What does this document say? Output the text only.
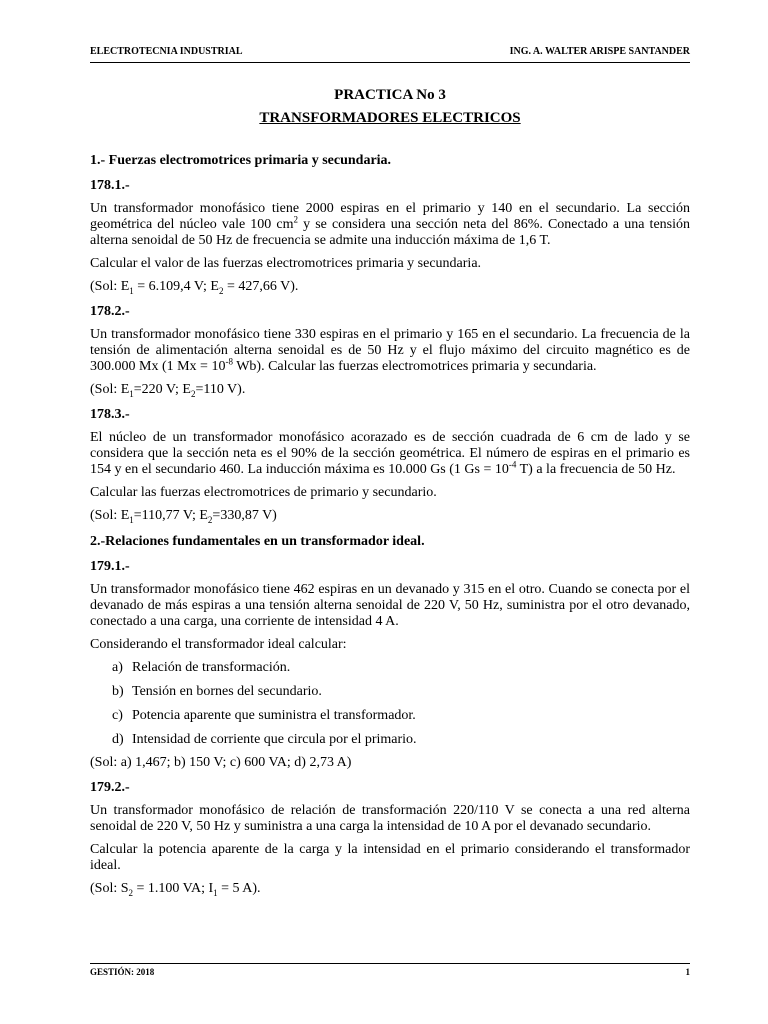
ELECTROTECNIA INDUSTRIAL	ING. A. WALTER ARISPE SANTANDER
PRACTICA No 3
TRANSFORMADORES ELECTRICOS
1.- Fuerzas electromotrices primaria y secundaria.
178.1.-

Un transformador monofásico tiene 2000 espiras en el primario y 140 en el secundario. La sección geométrica del núcleo vale 100 $cm^2$ y se considera una sección neta del 86%. Conectado a una tensión alterna senoidal de 50 Hz de frecuencia se admite una inducción máxima de 1,6 T.

Calcular el valor de las fuerzas electromotrices primaria y secundaria.

(Sol: $E_1 = 6.109,4$ V; $E_2 = 427,66$ V).

178.2.-

Un transformador monofásico tiene 330 espiras en el primario y 165 en el secundario. La frecuencia de la tensión de alimentación alterna senoidal es de 50 Hz y el flujo máximo del circuito magnético es de 300.000 Mx (1 $Mx = 10^{-8}$ Wb). Calcular las fuerzas electromotrices primaria y secundaria.

(Sol: $E_1=220$ V; $E_2=110$ V).

178.3.-

El núcleo de un transformador monofásico acorazado es de sección cuadrada de 6 cm de lado y se considera que la sección neta es el 90% de la sección geométrica. El número de espiras en el primario es 154 y en el secundario 460. La inducción máxima es 10.000 Gs (1 $Gs = 10^{-4}$ T) a la frecuencia de 50 Hz.

Calcular las fuerzas electromotrices de primario y secundario.

(Sol: $E_1=110,77$ V; $E_2=330,87$ V)

2.-Relaciones fundamentales en un transformador ideal.
179.1.-

Un transformador monofásico tiene 462 espiras en un devanado y 315 en el otro. Cuando se conecta por el devanado de más espiras a una tensión alterna senoidal de 220 V, 50 Hz, suministra por el otro devanado, conectado a una carga, una corriente de intensidad 4 A.

Considerando el transformador ideal calcular:

a) Relación de transformación.
b) Tensión en bornes del secundario.
c) Potencia aparente que suministra el transformador.
d) Intensidad de corriente que circula por el primario.

(Sol: a) 1,467; b) 150 V; c) 600 VA; d) 2,73 A)

179.2.-

Un transformador monofásico de relación de transformación 220/110 V se conecta a una red alterna senoidal de 220 V, 50 Hz y suministra a una carga la intensidad de 10 A por el devanado secundario.

Calcular la potencia aparente de la carga y la intensidad en el primario considerando el transformador ideal.

(Sol: $S_2 = 1.100$ VA; $I_1 = 5$ A).

GESTIÓN: 2018	1
